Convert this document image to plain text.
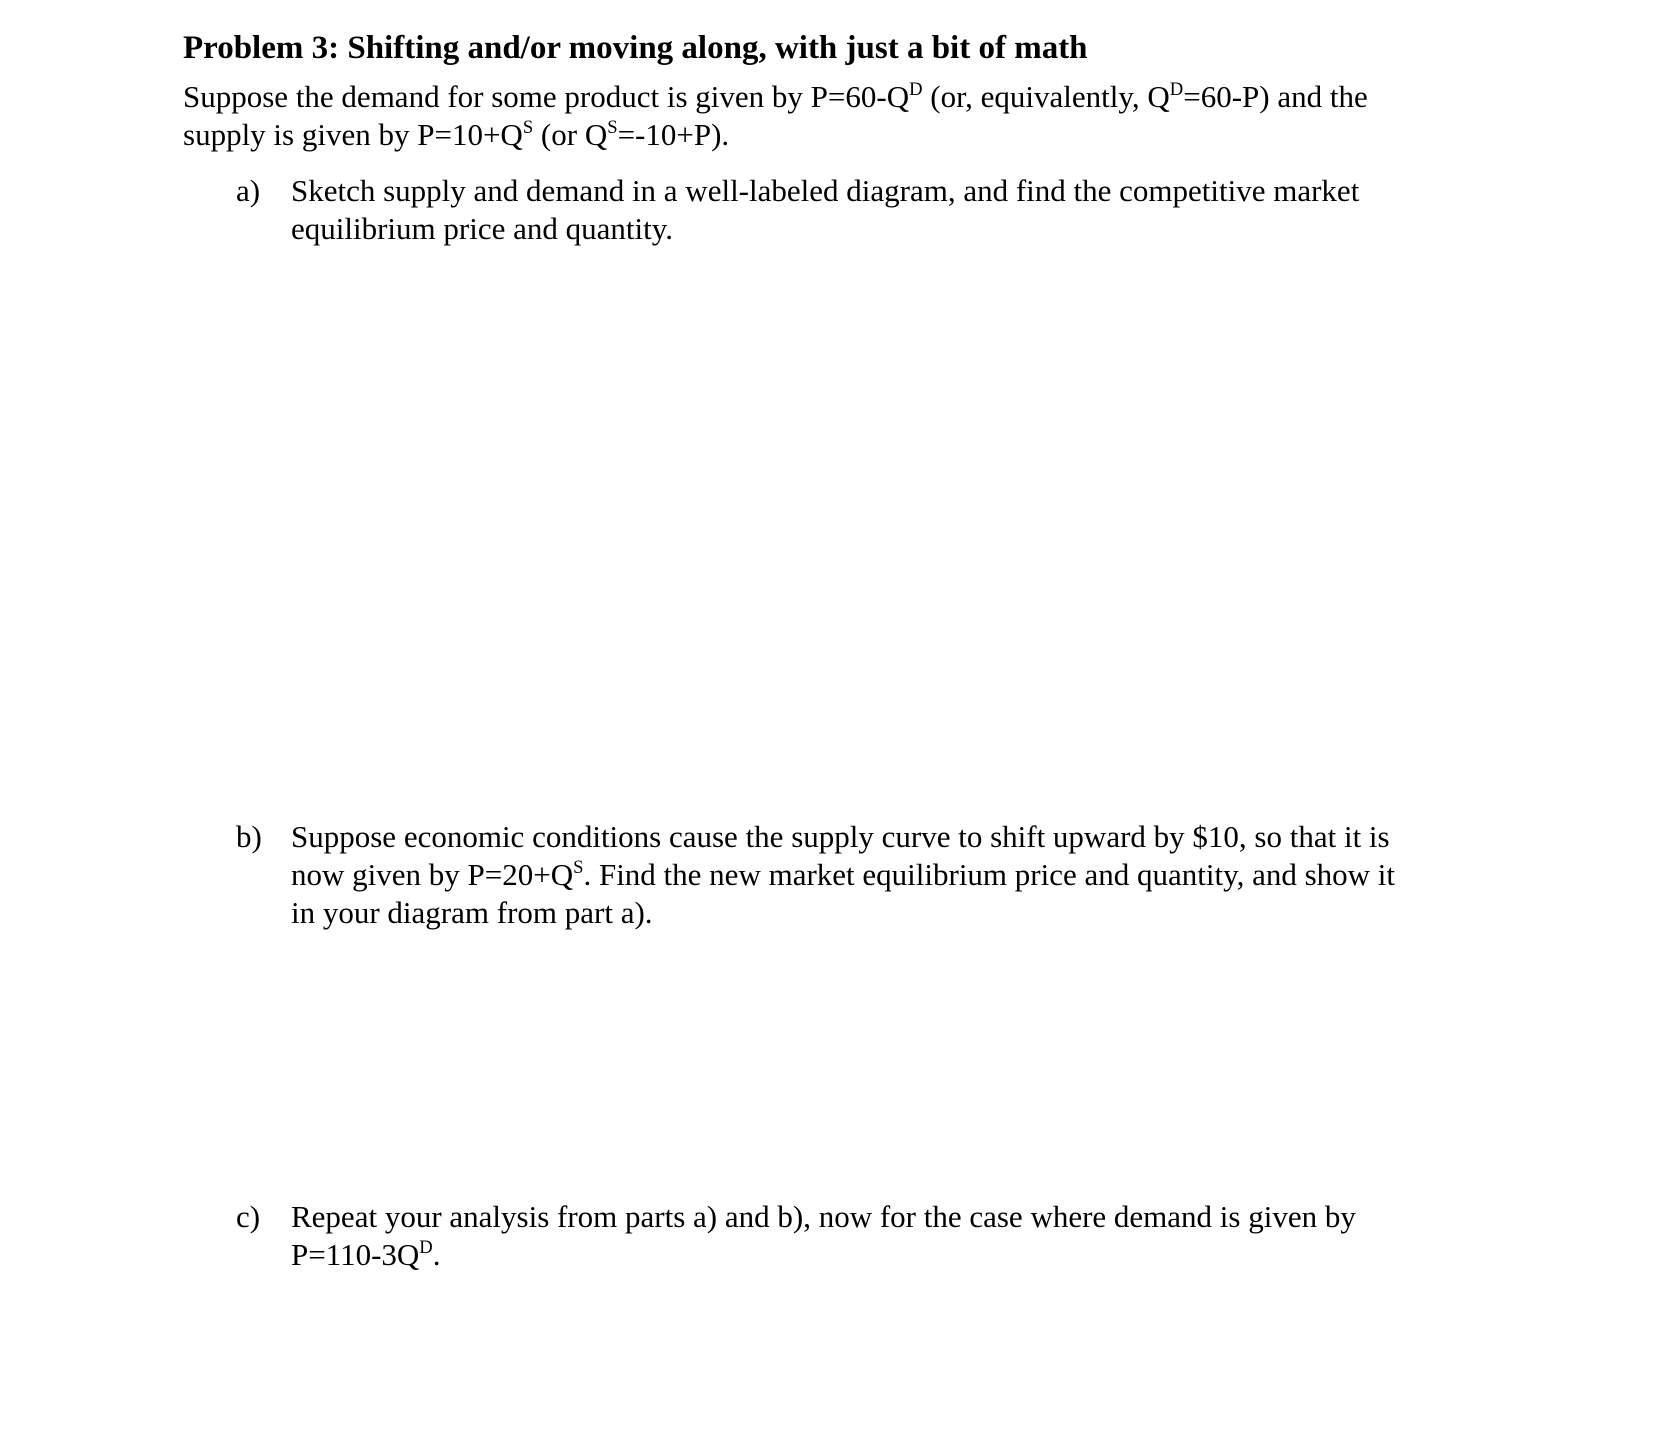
Problem 3: Shifting and/or moving along, with just a bit of math
Suppose the demand for some product is given by $P=60-Q^D$ (or, equivalently, $Q^D=60-P$) and the
supply is given by $P=10+Q^S$ (or $Q^S=-10+P$).
a) Sketch supply and demand in a well-labeled diagram, and find the competitive market
equilibrium price and quantity.
b) Suppose economic conditions cause the supply curve to shift upward by $10, so that it is
now given by $P=20+Q^S$. Find the new market equilibrium price and quantity, and show it
in your diagram from part a).
c) Repeat your analysis from parts a) and b), now for the case where demand is given by
$P=110-3Q^D$.
